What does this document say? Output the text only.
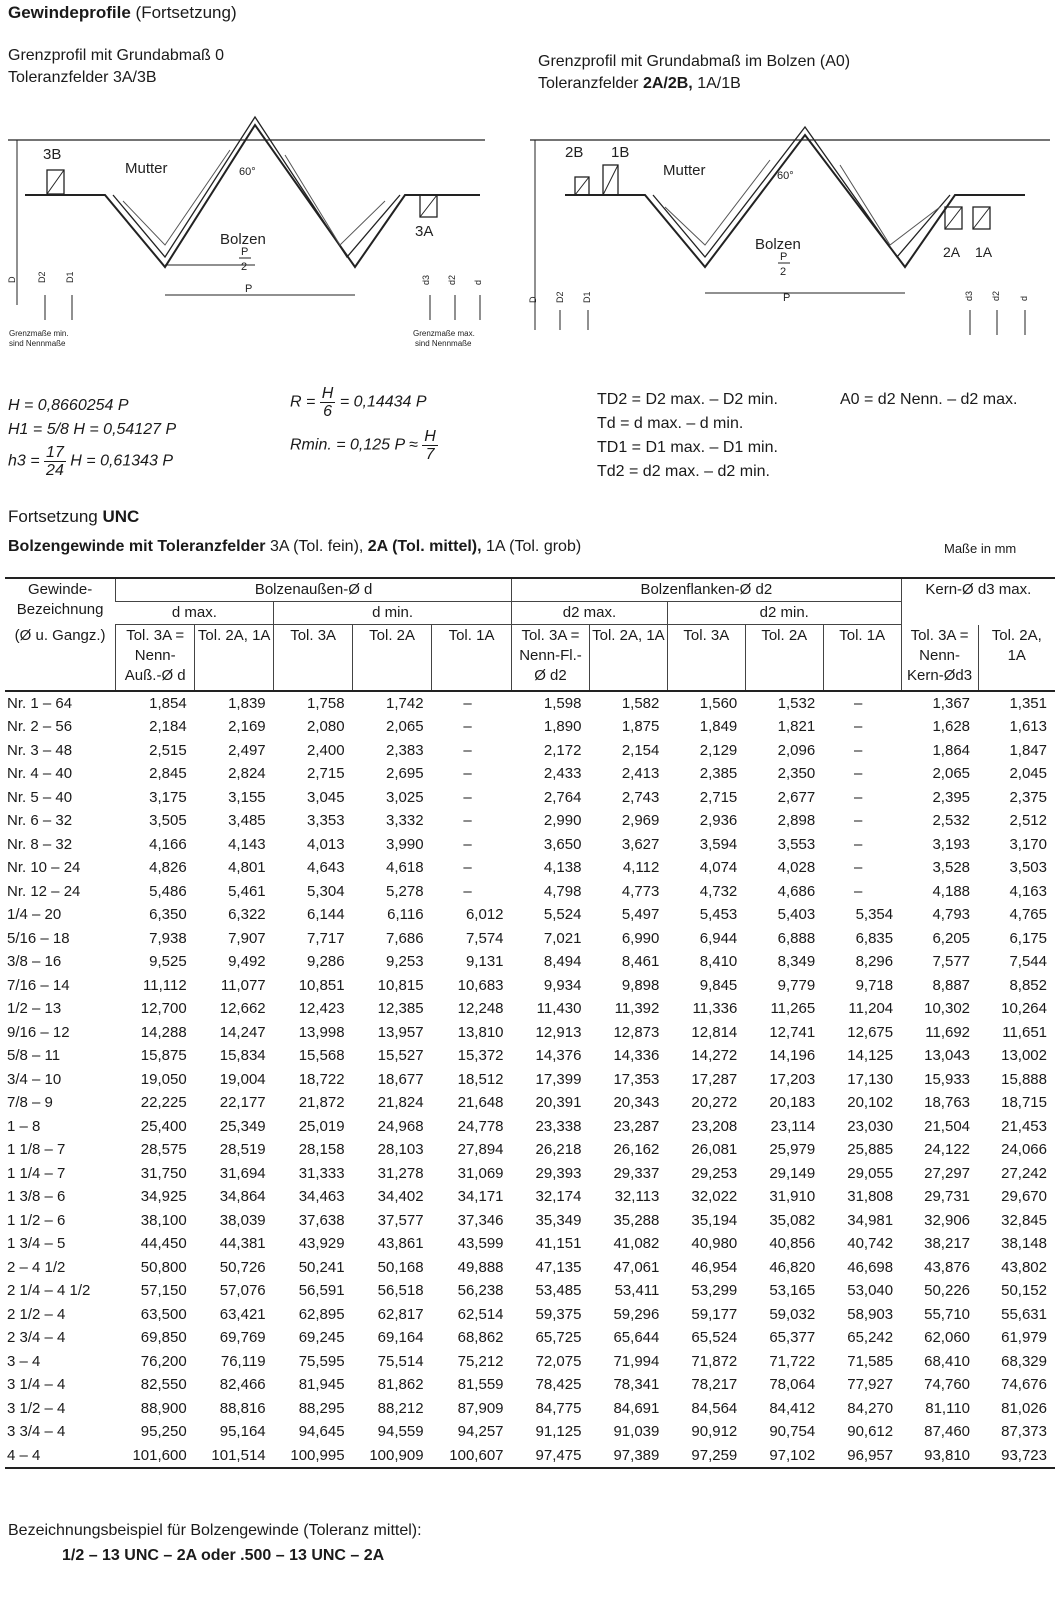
Gewindeprofile (Fortsetzung)
Grenzprofil mit Grundabmaß 0
Toleranzfelder 3A/3B
Grenzprofil mit Grundabmaß im Bolzen (A0)
Toleranzfelder 2A/2B, 1A/1B
3B
Mutter
Bolzen	3A
60°
P
2
P
D D2 D1	d3 d2 d
Grenzmaße min.
sind Nennmaße
Grenzmaße max.
sind Nennmaße
2B 1B
Mutter
Bolzen	2A 1A
60°
P
2
P
D D2 D1	d3 d2 d
H = 0,8660254 P
H1 = 5/8 H = 0,54127 P
$h3 = \frac{17}{24}$ H = 0,61343 P
$R = \frac{H}{6} = 0,14434$ P
Rmin. = 0,125 $P \approx \frac{H}{7}$
TD2 = D2 max. – D2 min.
Td = d max. – d min.
TD1 = D1 max. – D1 min.
Td2 = d2 max. – d2 min.
A0 = d2 Nenn. – d2 max.
Fortsetzung UNC
Bolzengewinde mit Toleranzfelder 3A (Tol. fein), 2A (Tol. mittel), 1A (Tol. grob)	Maße in mm
Gewinde-Bezeichnung	Bolzenaußen-Ø d					Bolzenflanken-Ø d2					Kern-Ø d3 max.	
	d max.		d min.			d2 max.		d2 min.				
(Ø u. Gangz.)	Tol. 3A = Nenn-Auß.-Ø d	Tol. 2A, 1A	Tol. 3A	Tol. 2A	Tol. 1A	Tol. 3A = Nenn-Fl.-Ø d2	Tol. 2A, 1A	Tol. 3A	Tol. 2A	Tol. 1A	Tol. 3A = Nenn-Kern-Ød3	Tol. 2A, 1A
Nr. 1 – 64	1,854	1,839	1,758	1,742	–	1,598	1,582	1,560	1,532	–	1,367	1,351
Nr. 2 – 56	2,184	2,169	2,080	2,065	–	1,890	1,875	1,849	1,821	–	1,628	1,613
Nr. 3 – 48	2,515	2,497	2,400	2,383	–	2,172	2,154	2,129	2,096	–	1,864	1,847
Nr. 4 – 40	2,845	2,824	2,715	2,695	–	2,433	2,413	2,385	2,350	–	2,065	2,045
Nr. 5 – 40	3,175	3,155	3,045	3,025	–	2,764	2,743	2,715	2,677	–	2,395	2,375
Nr. 6 – 32	3,505	3,485	3,353	3,332	–	2,990	2,969	2,936	2,898	–	2,532	2,512
Nr. 8 – 32	4,166	4,143	4,013	3,990	–	3,650	3,627	3,594	3,553	–	3,193	3,170
Nr. 10 – 24	4,826	4,801	4,643	4,618	–	4,138	4,112	4,074	4,028	–	3,528	3,503
Nr. 12 – 24	5,486	5,461	5,304	5,278	–	4,798	4,773	4,732	4,686	–	4,188	4,163
1/4 – 20	6,350	6,322	6,144	6,116	6,012	5,524	5,497	5,453	5,403	5,354	4,793	4,765
5/16 – 18	7,938	7,907	7,717	7,686	7,574	7,021	6,990	6,944	6,888	6,835	6,205	6,175
3/8 – 16	9,525	9,492	9,286	9,253	9,131	8,494	8,461	8,410	8,349	8,296	7,577	7,544
7/16 – 14	11,112	11,077	10,851	10,815	10,683	9,934	9,898	9,845	9,779	9,718	8,887	8,852
1/2 – 13	12,700	12,662	12,423	12,385	12,248	11,430	11,392	11,336	11,265	11,204	10,302	10,264
9/16 – 12	14,288	14,247	13,998	13,957	13,810	12,913	12,873	12,814	12,741	12,675	11,692	11,651
5/8 – 11	15,875	15,834	15,568	15,527	15,372	14,376	14,336	14,272	14,196	14,125	13,043	13,002
3/4 – 10	19,050	19,004	18,722	18,677	18,512	17,399	17,353	17,287	17,203	17,130	15,933	15,888
7/8 – 9	22,225	22,177	21,872	21,824	21,648	20,391	20,343	20,272	20,183	20,102	18,763	18,715
1 – 8	25,400	25,349	25,019	24,968	24,778	23,338	23,287	23,208	23,114	23,030	21,504	21,453
1 1/8 – 7	28,575	28,519	28,158	28,103	27,894	26,218	26,162	26,081	25,979	25,885	24,122	24,066
1 1/4 – 7	31,750	31,694	31,333	31,278	31,069	29,393	29,337	29,253	29,149	29,055	27,297	27,242
1 3/8 – 6	34,925	34,864	34,463	34,402	34,171	32,174	32,113	32,022	31,910	31,808	29,731	29,670
1 1/2 – 6	38,100	38,039	37,638	37,577	37,346	35,349	35,288	35,194	35,082	34,981	32,906	32,845
1 3/4 – 5	44,450	44,381	43,929	43,861	43,599	41,151	41,082	40,980	40,856	40,742	38,217	38,148
2 – 4 1/2	50,800	50,726	50,241	50,168	49,888	47,135	47,061	46,954	46,820	46,698	43,876	43,802
2 1/4 – 4 1/2	57,150	57,076	56,591	56,518	56,238	53,485	53,411	53,299	53,165	53,040	50,226	50,152
2 1/2 – 4	63,500	63,421	62,895	62,817	62,514	59,375	59,296	59,177	59,032	58,903	55,710	55,631
2 3/4 – 4	69,850	69,769	69,245	69,164	68,862	65,725	65,644	65,524	65,377	65,242	62,060	61,979
3 – 4	76,200	76,119	75,595	75,514	75,212	72,075	71,994	71,872	71,722	71,585	68,410	68,329
3 1/4 – 4	82,550	82,466	81,945	81,862	81,559	78,425	78,341	78,217	78,064	77,927	74,760	74,676
3 1/2 – 4	88,900	88,816	88,295	88,212	87,909	84,775	84,691	84,564	84,412	84,270	81,110	81,026
3 3/4 – 4	95,250	95,164	94,645	94,559	94,257	91,125	91,039	90,912	90,754	90,612	87,460	87,373
4 – 4	101,600	101,514	100,995	100,909	100,607	97,475	97,389	97,259	97,102	96,957	93,810	93,723
Bezeichnungsbeispiel für Bolzengewinde (Toleranz mittel):
1/2 – 13 UNC – 2A oder .500 – 13 UNC – 2A
